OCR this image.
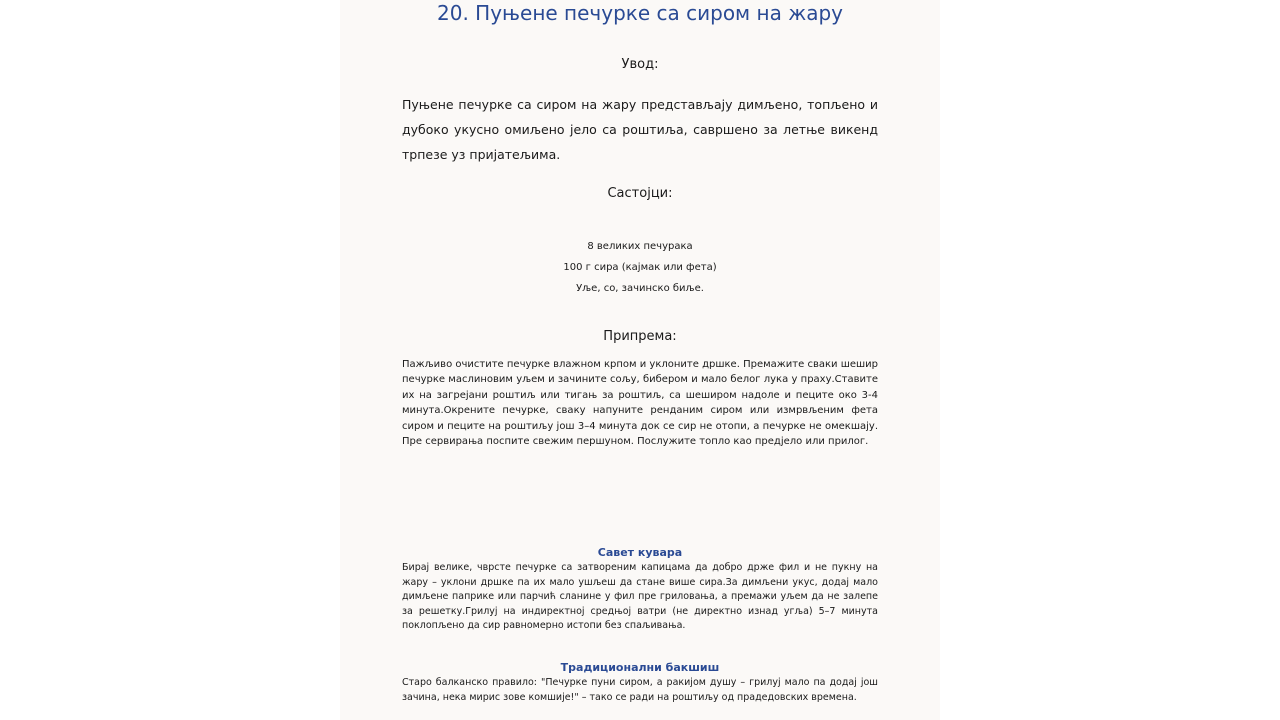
20. Пуњене печурке са сиром на жару
Увод:
Пуњене печурке са сиром на жару представљају димљено, топљено и дубоко укусно омиљено јело са роштиља, савршено за летње викенд трпезе уз пријатељима.
Састојци:
8 великих печурака
100 г сира (кајмак или фета)
Уље, со, зачинско биље.
Припрема:
Пажљиво очистите печурке влажном крпом и уклоните дршке. Премажите сваки шешир печурке маслиновим уљем и зачините сољу, бибером и мало белог лука у праху.Ставите их на загрејани роштиљ или тигањ за роштиљ, са шеширом надоле и пеците око 3-4 минута.Окрените печурке, сваку напуните ренданим сиром или измрвљеним фета сиром и пеците на роштиљу још 3–4 минута док се сир не отопи, а печурке не омекшају. Пре сервирања поспите свежим першуном. Послужите топло као предјело или прилог.
Савет кувара
Бирај велике, чврсте печурке са затвореним капицама да добро држе фил и не пукну на жару – уклони дршке па их мало ушљеш да стане више сира.За димљени укус, додај мало димљене паприке или парчић сланине у фил пре гриловања, а премажи уљем да не залепе за решетку.Грилуј на индиректној средњој ватри (не директно изнад угља) 5–7 минута поклопљено да сир равномерно истопи без спаљивања.
Традиционални бакшиш
Старо балканско правило: "Печурке пуни сиром, а ракијом душу – грилуј мало па додај још зачина, нека мирис зове комшије!" – тако се ради на роштиљу од прадедовских времена.
